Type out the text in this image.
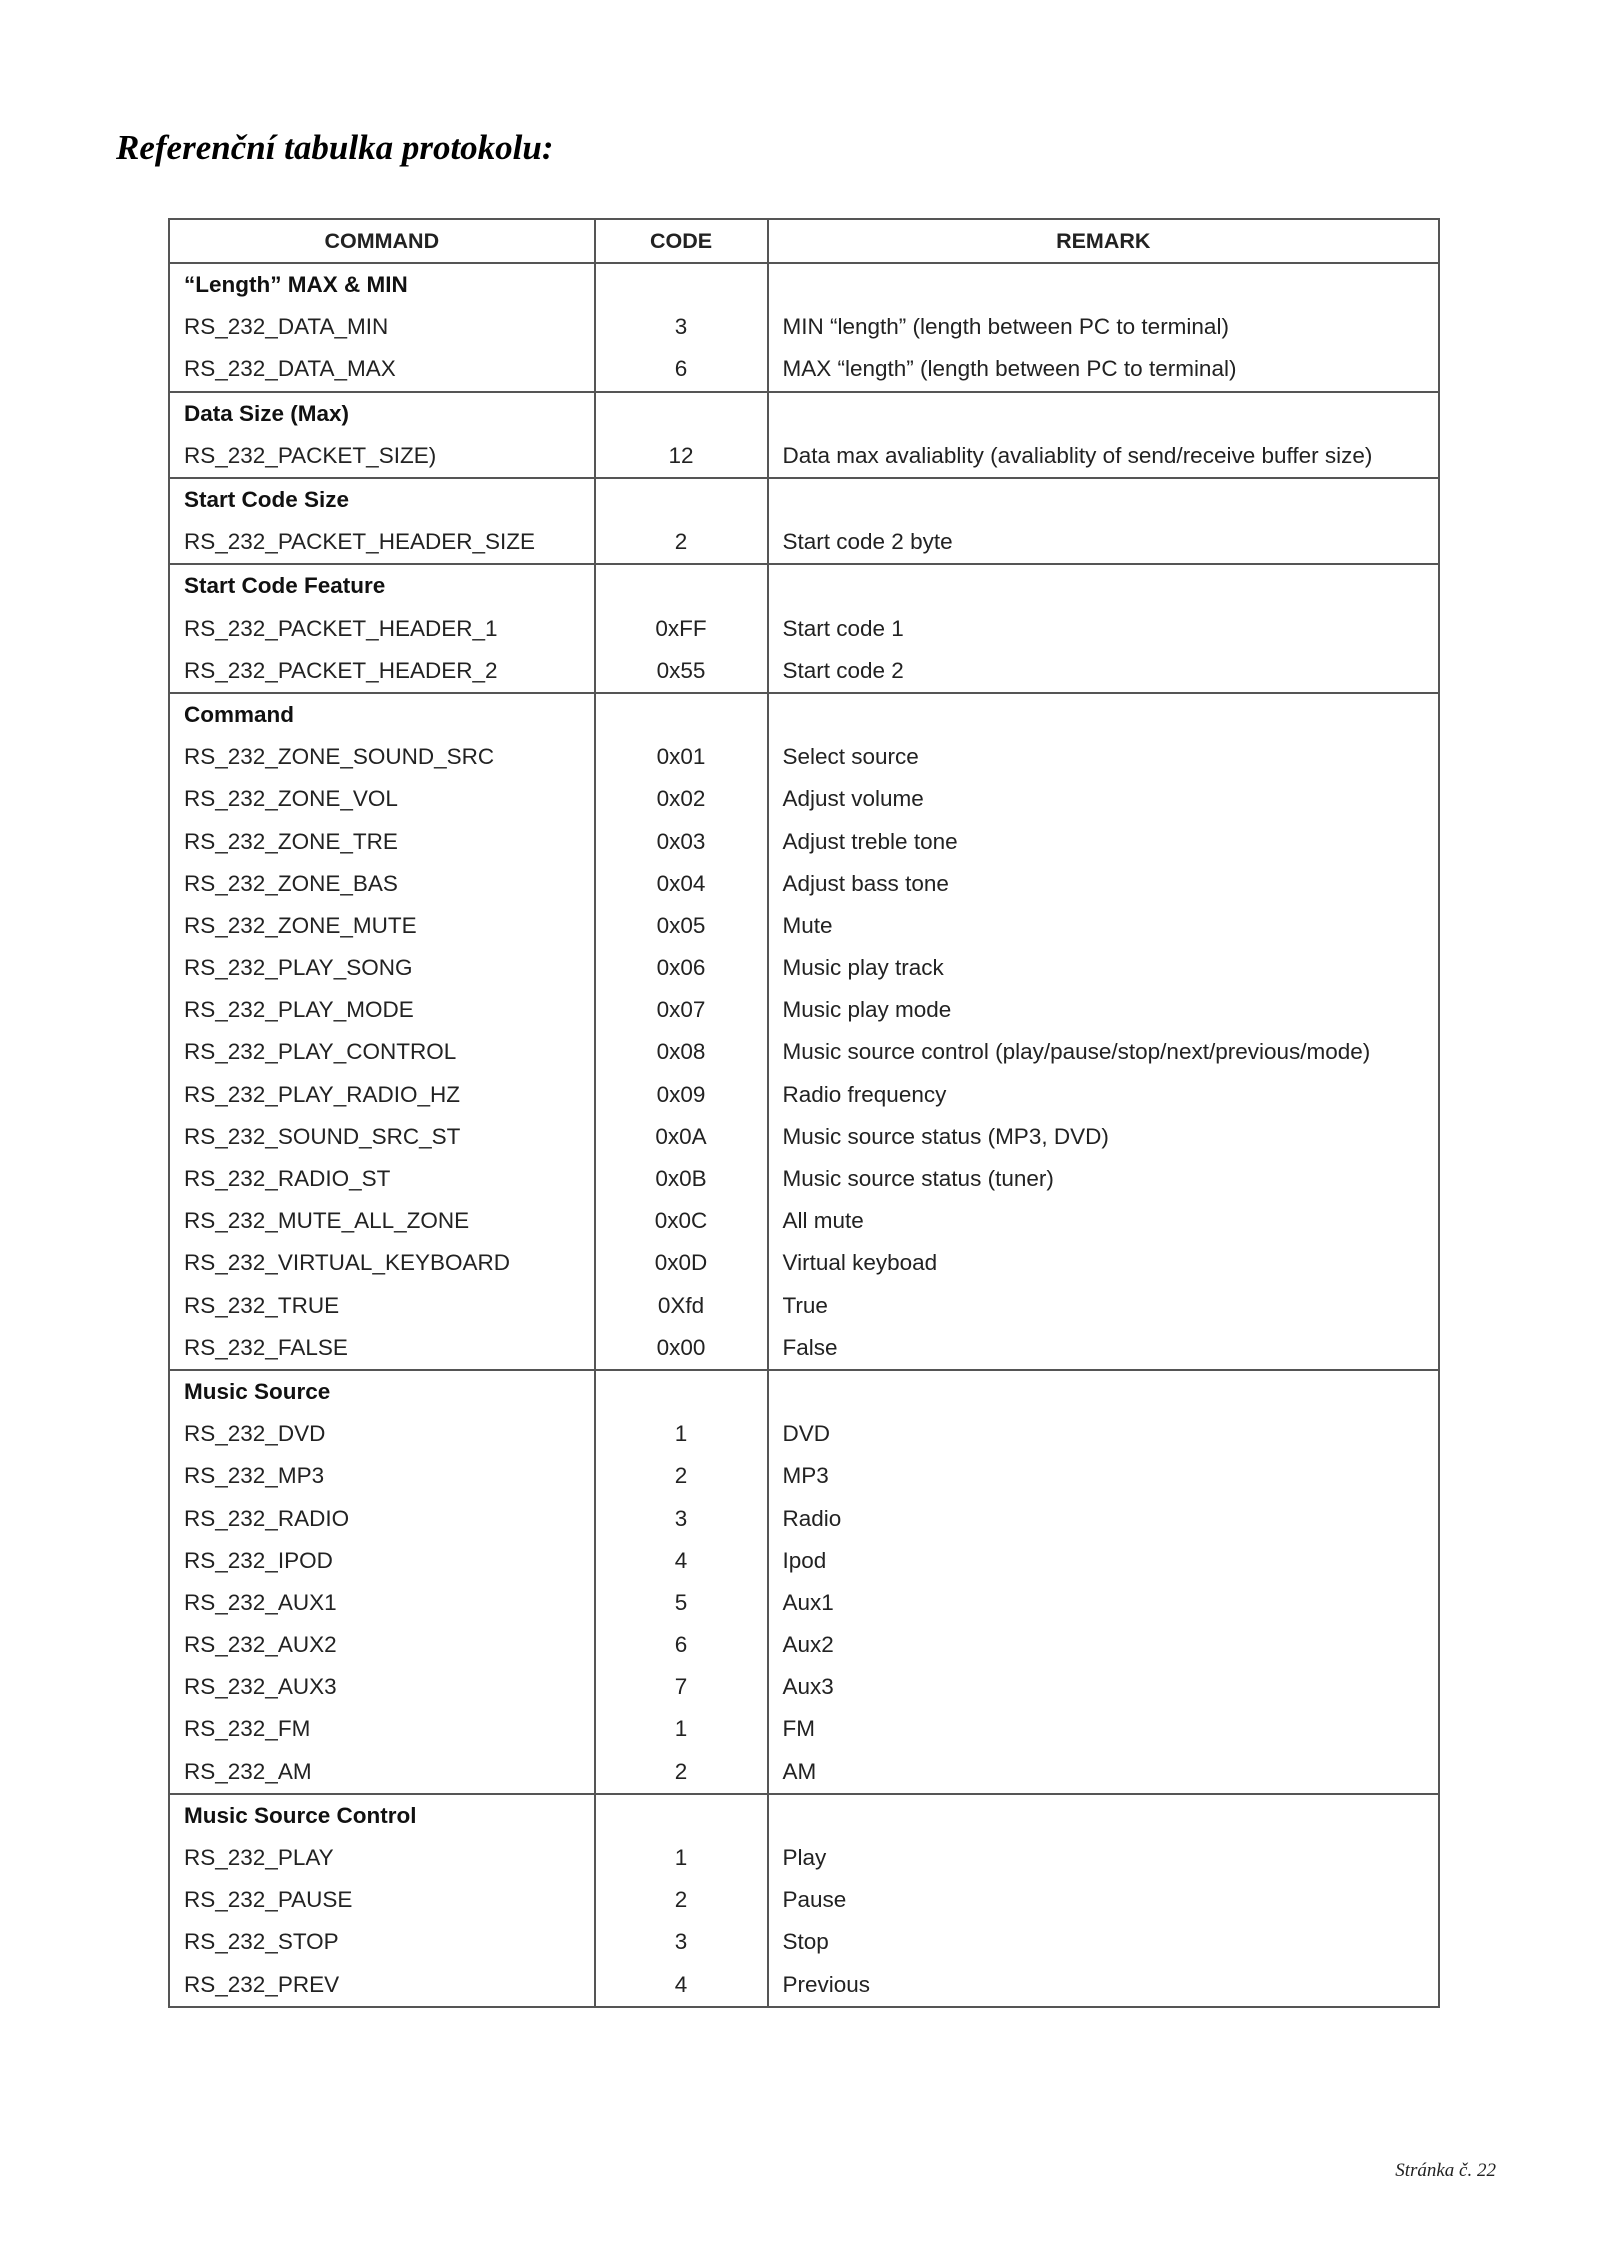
Referenční tabulka protokolu:
COMMAND	CODE	REMARK
“Length” MAX & MIN		
RS_232_DATA_MIN	3	MIN “length” (length between PC to terminal)
RS_232_DATA_MAX	6	MAX “length” (length between PC to terminal)
Data Size (Max)		
RS_232_PACKET_SIZE)	12	Data max avaliablity (avaliablity of send/receive buffer size)
Start Code Size		
RS_232_PACKET_HEADER_SIZE	2	Start code 2 byte
Start Code Feature		
RS_232_PACKET_HEADER_1	0xFF	Start code 1
RS_232_PACKET_HEADER_2	0x55	Start code 2
Command		
RS_232_ZONE_SOUND_SRC	0x01	Select source
RS_232_ZONE_VOL	0x02	Adjust volume
RS_232_ZONE_TRE	0x03	Adjust treble tone
RS_232_ZONE_BAS	0x04	Adjust bass tone
RS_232_ZONE_MUTE	0x05	Mute
RS_232_PLAY_SONG	0x06	Music play track
RS_232_PLAY_MODE	0x07	Music play mode
RS_232_PLAY_CONTROL	0x08	Music source control (play/pause/stop/next/previous/mode)
RS_232_PLAY_RADIO_HZ	0x09	Radio frequency
RS_232_SOUND_SRC_ST	0x0A	Music source status (MP3, DVD)
RS_232_RADIO_ST	0x0B	Music source status (tuner)
RS_232_MUTE_ALL_ZONE	0x0C	All mute
RS_232_VIRTUAL_KEYBOARD	0x0D	Virtual keyboad
RS_232_TRUE	0Xfd	True
RS_232_FALSE	0x00	False
Music Source		
RS_232_DVD	1	DVD
RS_232_MP3	2	MP3
RS_232_RADIO	3	Radio
RS_232_IPOD	4	Ipod
RS_232_AUX1	5	Aux1
RS_232_AUX2	6	Aux2
RS_232_AUX3	7	Aux3
RS_232_FM	1	FM
RS_232_AM	2	AM
Music Source Control		
RS_232_PLAY	1	Play
RS_232_PAUSE	2	Pause
RS_232_STOP	3	Stop
RS_232_PREV	4	Previous
Stránka č. 22
